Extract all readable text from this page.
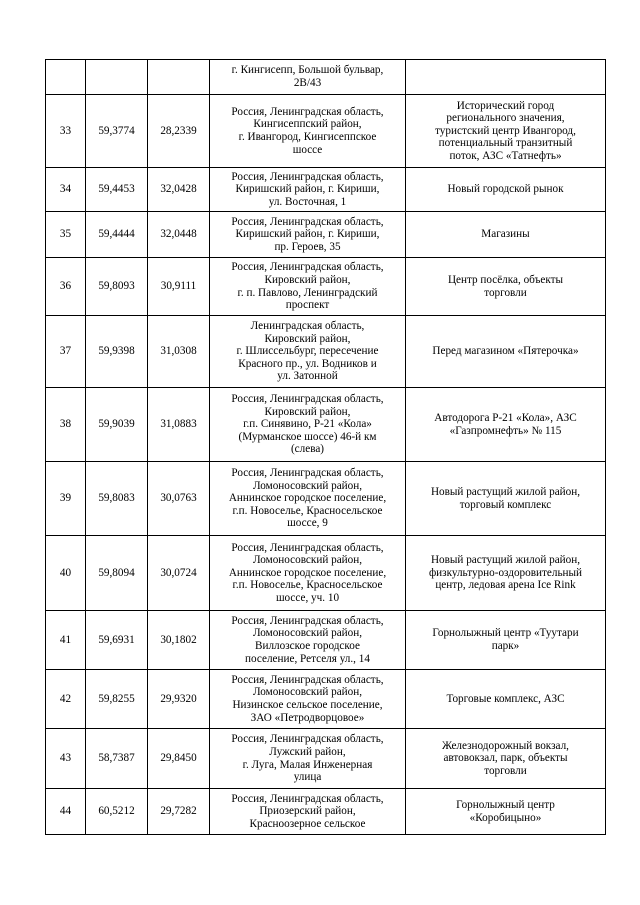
			г. Кингисепп, Большой бульвар,
2В/43	
33	59,3774	28,2339	Россия, Ленинградская область,
Кингисеппский район,
г. Ивангород, Кингисеппское
шоссе	Исторический город
регионального значения,
туристский центр Ивангород,
потенциальный транзитный
поток, АЗС «Татнефть»
34	59,4453	32,0428	Россия, Ленинградская область,
Киришский район, г. Кириши,
ул. Восточная, 1	Новый городской рынок
35	59,4444	32,0448	Россия, Ленинградская область,
Киришский район, г. Кириши,
пр. Героев, 35	Магазины
36	59,8093	30,9111	Россия, Ленинградская область,
Кировский район,
г. п. Павлово, Ленинградский
проспект	Центр посёлка, объекты
торговли
37	59,9398	31,0308	Ленинградская область,
Кировский район,
г. Шлиссельбург, пересечение
Красного пр., ул. Водников и
ул. Затонной	Перед магазином «Пятерочка»
38	59,9039	31,0883	Россия, Ленинградская область,
Кировский район,
г.п. Синявино, Р-21 «Кола»
(Мурманское шоссе) 46-й км
(слева)	Автодорога Р-21 «Кола», АЗС
«Газпромнефть» № 115
39	59,8083	30,0763	Россия, Ленинградская область,
Ломоносовский район,
Аннинское городское поселение,
г.п. Новоселье, Красносельское
шоссе, 9	Новый растущий жилой район,
торговый комплекс
40	59,8094	30,0724	Россия, Ленинградская область,
Ломоносовский район,
Аннинское городское поселение,
г.п. Новоселье, Красносельское
шоссе, уч. 10	Новый растущий жилой район,
физкультурно-оздоровительный
центр, ледовая арена Ice Rink
41	59,6931	30,1802	Россия, Ленинградская область,
Ломоносовский район,
Виллозское городское
поселение, Ретселя ул., 14	Горнолыжный центр «Туутари
парк»
42	59,8255	29,9320	Россия, Ленинградская область,
Ломоносовский район,
Низинское сельское поселение,
ЗАО «Петродворцовое»	Торговые комплекс, АЗС
43	58,7387	29,8450	Россия, Ленинградская область,
Лужский район,
г. Луга, Малая Инженерная
улица	Железнодорожный вокзал,
автовокзал, парк, объекты
торговли
44	60,5212	29,7282	Россия, Ленинградская область,
Приозерский район,
Красноозерное сельское	Горнолыжный центр
«Коробицыно»
